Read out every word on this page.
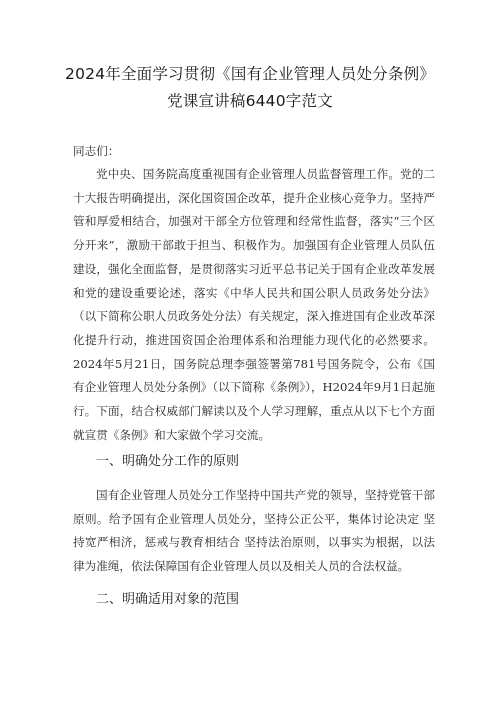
2024年全面学习贯彻《国有企业管理人员处分条例》
党课宣讲稿6440字范文
同志们：
党中央、国务院高度重视国有企业管理人员监督管理工作。党的二十大报告明确提出，深化国资国企改革，提升企业核心竞争力。坚持严管和厚爱相结合，加强对干部全方位管理和经常性监督，落实“三个区分开来”，激励干部敢于担当、积极作为。加强国有企业管理人员队伍建设，强化全面监督，是贯彻落实习近平总书记关于国有企业改革发展和党的建设重要论述，落实《中华人民共和国公职人员政务处分法》（以下简称公职人员政务处分法）有关规定，深入推进国有企业改革深化提升行动，推进国资国企治理体系和治理能力现代化的必然要求。2024年5月21日，国务院总理李强签署第781号国务院令，公布《国有企业管理人员处分条例》（以下简称《条例》），H2024年9月1日起施行。下面，结合权威部门解读以及个人学习理解，重点从以下七个方面就宣贯《条例》和大家做个学习交流。
一、明确处分工作的原则
国有企业管理人员处分工作坚持中国共产党的领导，坚持党管干部原则。给予国有企业管理人员处分，坚持公正公平，集体讨论决定 坚持宽严相济，惩戒与教育相结合 坚持法治原则，以事实为根据，以法律为准绳，依法保障国有企业管理人员以及相关人员的合法权益。
二、明确适用对象的范围
